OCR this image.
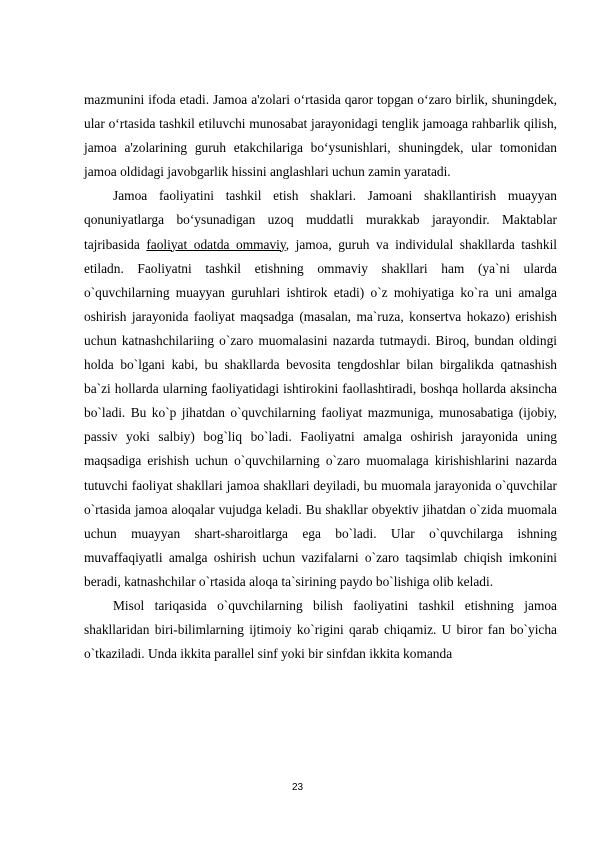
mazmunini ifoda etadi. Jamoa a'zolari o‘rtasida qaror topgan o‘zaro birlik, shuningdek, ular o‘rtasida tashkil etiluvchi munosabat jarayonidagi tenglik jamoaga rahbarlik qilish, jamoa a'zolarining guruh etakchilariga bo‘ysunishlari, shuningdek, ular tomonidan jamoa oldidagi javobgarlik hissini anglashlari uchun zamin yaratadi.

Jamoa faoliyatini tashkil etish shaklari. Jamoani shakllantirish muayyan qonuniyatlarga bo‘ysunadigan uzoq muddatli murakkab jarayondir. Maktablar tajribasida faoliyat odatda ommaviy, jamoa, guruh va individulal shakllarda tashkil etiladn. Faoliyatni tashkil etishning ommaviy shakllari ham (ya`ni ularda o`quvchilarning muayyan guruhlari ishtirok etadi) o`z mohiyatiga ko`ra uni amalga oshirish jarayonida faoliyat maqsadga (masalan, ma`ruza, konsertva hokazo) erishish uchun katnashchilariing o`zaro muomalasini nazarda tutmaydi. Biroq, bundan oldingi holda bo`lgani kabi, bu shakllarda bevosita tengdoshlar bilan birgalikda qatnashish ba`zi hollarda ularning faoliyatidagi ishtirokini faollashtiradi, boshqa hollarda aksincha bo`ladi. Bu ko`p jihatdan o`quvchilarning faoliyat mazmuniga, munosabatiga (ijobiy, passiv yoki salbiy) bog`liq bo`ladi. Faoliyatni amalga oshirish jarayonida uning maqsadiga erishish uchun o`quvchilarning o`zaro muomalaga kirishishlarini nazarda tutuvchi faoliyat shakllari jamoa shakllari deyiladi, bu muomala jarayonida o`quvchilar o`rtasida jamoa aloqalar vujudga keladi. Bu shakllar obyektiv jihatdan o`zida muomala uchun muayyan shart-sharoitlarga ega bo`ladi. Ular o`quvchilarga ishning muvaffaqiyatli amalga oshirish uchun vazifalarni o`zaro taqsimlab chiqish imkonini beradi, katnashchilar o`rtasida aloqa ta`sirining paydo bo`lishiga olib keladi.

Misol tariqasida o`quvchilarning bilish faoliyatini tashkil etishning jamoa shakllaridan biri-bilimlarning ijtimoiy ko`rigini qarab chiqamiz. U biror fan bo`yicha o`tkaziladi. Unda ikkita parallel sinf yoki bir sinfdan ikkita komanda

23
